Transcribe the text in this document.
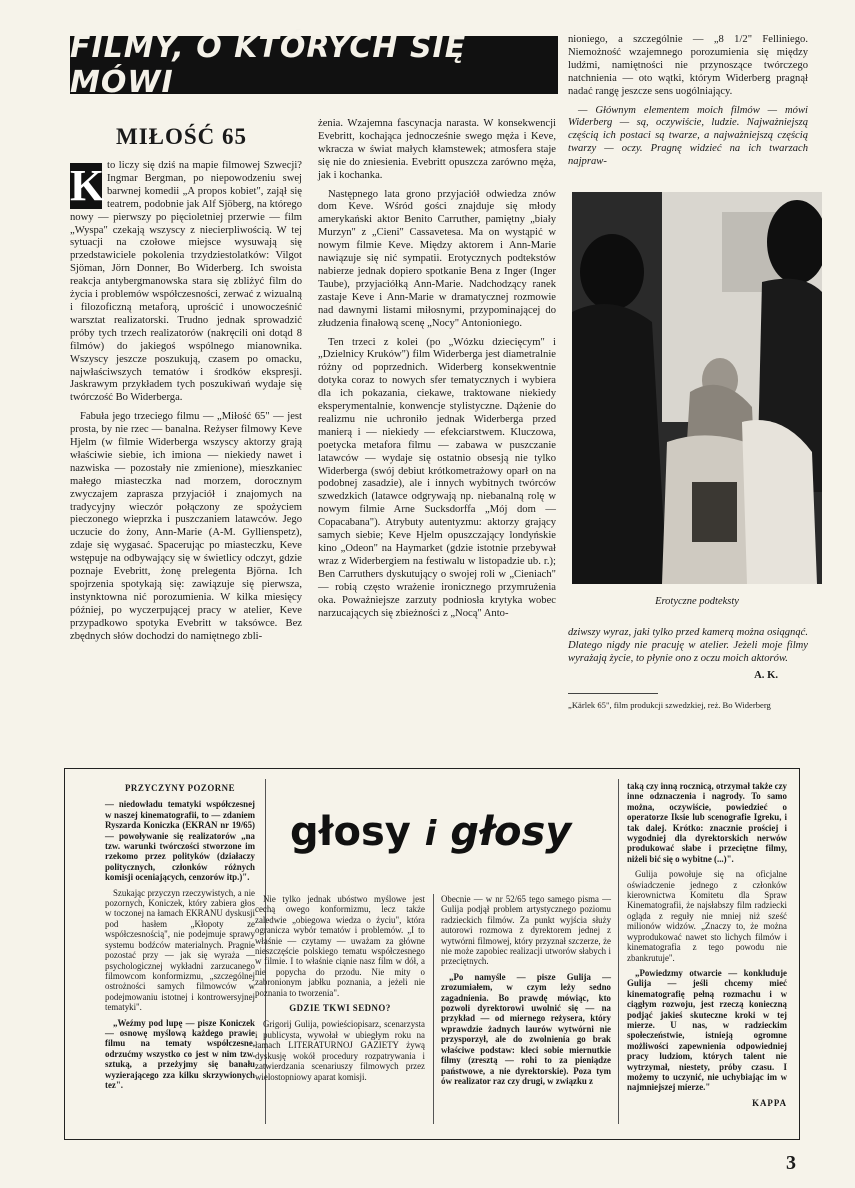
FILMY, O KTÓRYCH SIĘ MÓWI
MIŁOŚĆ 65

K to liczy się dziś na mapie filmowej Szwecji? Ingmar Bergman, po niepowodzeniu swej barwnej komedii „A propos kobiet", zajął się teatrem, podobnie jak Alf Sjöberg, na którego nowy — pierwszy po pięcioletniej przerwie — film „Wyspa" czekają wszyscy z niecierpliwością. W tej sytuacji na czołowe miejsce wysuwają się przedstawiciele pokolenia trzydziestolatków: Vilgot Sjöman, Jörn Donner, Bo Widerberg. Ich swoista reakcja antybergmanowska stara się zbliżyć film do życia i problemów współczesności, zerwać z wizualną i filozoficzną metaforą, uprościć i unowocześnić warsztat realizatorski. Trudno jednak sprowadzić próby tych trzech realizatorów (nakręcili oni dotąd 8 filmów) do jakiegoś wspólnego mianownika. Wszyscy jeszcze poszukują, czasem po omacku, najwłaściwszych tematów i środków ekspresji. Jaskrawym przykładem tych poszukiwań wydaje się twórczość Bo Widerberga.

Fabuła jego trzeciego filmu — „Miłość 65" — jest prosta, by nie rzec — banalna. Reżyser filmowy Keve Hjelm (w filmie Widerberga wszyscy aktorzy grają właściwie siebie, ich imiona — niekiedy nawet i nazwiska — pozostały nie zmienione), mieszkaniec małego miasteczka nad morzem, dorocznym zwyczajem zaprasza przyjaciół i znajomych na tradycyjny wieczór połączony ze spożyciem pieczonego wieprzka i puszczaniem latawców. Jego uczucie do żony, Ann-Marie (A-M. Gyllienspetz), zdaje się wygasać. Spacerując po miasteczku, Keve wstępuje na odbywający się w świetlicy odczyt, gdzie poznaje Evebritt, żonę prelegenta Björna. Ich spojrzenia spotykają się: zawiązuje się pierwsza, instynktowna nić porozumienia. W kilka miesięcy później, po wyczerpującej pracy w atelier, Keve przypadkowo spotyka Evebritt w taksówce. Bez zbędnych słów dochodzi do namiętnego zbli-

żenia. Wzajemna fascynacja narasta. W konsekwencji Evebritt, kochająca jednocześnie swego męża i Keve, wkracza w świat małych kłamstewek; atmosfera staje się nie do zniesienia. Evebritt opuszcza zarówno męża, jak i kochanka.

Następnego lata grono przyjaciół odwiedza znów dom Keve. Wśród gości znajduje się młody amerykański aktor Benito Carruther, pamiętny „biały Murzyn" z „Cieni" Cassavetesa. Ma on wystąpić w nowym filmie Keve. Między aktorem i Ann-Marie nawiązuje się nić sympatii. Erotycznych podtekstów nabierze jednak dopiero spotkanie Bena z Inger (Inger Taube), przyjaciółką Ann-Marie. Nadchodzący ranek zastaje Keve i Ann-Marie w dramatycznej rozmowie nad dawnymi listami miłosnymi, przypominającej do złudzenia finałową scenę „Nocy" Antonioniego.

Ten trzeci z kolei (po „Wózku dziecięcym" i „Dzielnicy Kruków") film Widerberga jest diametralnie różny od poprzednich. Widerberg konsekwentnie dotyka coraz to nowych sfer tematycznych i wybiera dla ich pokazania, ciekawe, traktowane niekiedy eksperymentalnie, konwencje stylistyczne. Dążenie do realizmu nie uchroniło jednak Widerberga przed manierą i — niekiedy — efekciarstwem. Kluczowa, poetycka metafora filmu — zabawa w puszczanie latawców — wydaje się ostatnio obsesją nie tylko Widerberga (swój debiut krótkometrażowy oparł on na podobnej zasadzie), ale i innych wybitnych twórców szwedzkich (latawce odgrywają np. niebanalną rolę w nowym filmie Arne Sucksdorffa „Mój dom — Copacabana"). Atrybuty autentyzmu: aktorzy grający samych siebie; Keve Hjelm opuszczający londyńskie kino „Odeon" na Haymarket (gdzie istotnie przebywał wraz z Widerbergiem na festiwalu w listopadzie ub. r.); Ben Carruthers dyskutujący o swojej roli w „Cieniach" — robią często wrażenie ironicznego przymrużenia oka. Poważniejsze zarzuty podniosła krytyka wobec narzucających się zbieżności z „Nocą" Anto-

nioniego, a szczególnie — „8 1/2" Felliniego. Niemożność wzajemnego porozumienia się między ludźmi, namiętności nie przynoszące twórczego natchnienia — oto wątki, którym Widerberg pragnął nadać rangę jeszcze sens uogólniający.

— Głównym elementem moich filmów — mówi Widerberg — są, oczywiście, ludzie. Najważniejszą częścią ich postaci są twarze, a najważniejszą częścią twarzy — oczy. Pragnę widzieć na ich twarzach najpraw-

Erotyczne podteksty

dziwszy wyraz, jaki tylko przed kamerą można osiągnąć. Dlatego nigdy nie pracuję w atelier. Jeżeli moje filmy wyrażają życie, to płynie ono z oczu moich aktorów.

A. K.
„Kärlek 65", film produkcji szwedzkiej, reż. Bo Widerberg
PRZYCZYNY POZORNE

— niedowładu tematyki współczesnej w naszej kinematografii, to — zdaniem Ryszarda Koniczka (EKRAN nr 19/65) — powoływanie się realizatorów „na tzw. warunki twórczości stworzone im rzekomo przez polityków (działaczy politycznych, członków różnych komisji oceniających, cenzorów itp.)".

Szukając przyczyn rzeczywistych, a nie pozornych, Koniczek, który zabiera głos w toczonej na łamach EKRANU dyskusji pod hasłem „Kłopoty ze współczesnością", nie podejmuje sprawy systemu bodźców materialnych. Pragnie pozostać przy — jak się wyraża — psychologicznej wykładni zarzucanego filmowcom konformizmu, „szczególnej ostrożności samych filmowców w podejmowaniu istotnej i kontrowersyjnej tematyki".

„Weźmy pod lupę — pisze Koniczek — osnowę myślową każdego prawie filmu na tematy współczesne, odrzućmy wszystko co jest w nim tzw. sztuką, a przeżyjmy się banału wyzierającego zza kilku skrzywionych tez".

głosy i głosy

Nie tylko jednak ubóstwo myślowe jest cechą owego konformizmu, lecz także zaledwie „obiegowa wiedza o życiu", która ogranicza wybór tematów i problemów. „I to właśnie — czytamy — uważam za główne nieszczęście polskiego tematu współczesnego w filmie. I to właśnie ciąnie nasz film w dół, a nie popycha do przodu. Nie mity o zabronionym jabłku poznania, a jeżeli nie poznania to tworzenia".

GDZIE TKWI SEDNO?

Grigorij Gulija, powieściopisarz, scenarzysta i publicysta, wywołał w ubiegłym roku na łamach LITERATURNOJ GAZIETY żywą dyskusję wokół procedury rozpatrywania i zatwierdzania scenariuszy filmowych przez wielostopniowy aparat komisji.

Obecnie — w nr 52/65 tego samego pisma — Gulija podjął problem artystycznego poziomu radzieckich filmów. Za punkt wyjścia służy autorowi rozmowa z dyrektorem jednej z wytwórni filmowej, który przyznał szczerze, że nie może zapobiec realizacji utworów słabych i przeciętnych.

„Po namyśle — pisze Gulija — zrozumiałem, w czym leży sedno zagadnienia. Bo prawdę mówiąc, kto pozwoli dyrektorowi uwolnić się — na przykład — od miernego reżysera, który wprawdzie żadnych laurów wytwórni nie przysporzył, ale do zwolnienia go brak właściwe podstaw: kleci sobie miernutkie filmy (zresztą — rohi to za pieniądze państwowe, a nie dyrektorskie). Poza tym ów realizator raz czy drugi, w związku z

taką czy inną rocznicą, otrzymał także czy inne odznaczenia i nagrody. To samo można, oczywiście, powiedzieć o operatorze Iksie lub scenografie Igreku, i tak dalej. Krótko: znacznie prościej i wygodniej dla dyrektorskich nerwów produkować słabe i przeciętne filmy, niżeli bić się o wybitne (...)".

Gulija powołuje się na oficjalne oświadczenie jednego z członków kierownictwa Komitetu dla Spraw Kinematografii, że najsłabszy film radziecki ogląda z reguły nie mniej niż sześć milionów widzów. „Znaczy to, że można wyprodukować nawet sto lichych filmów i kinematografia z tego powodu nie zbankrutuje".

„Powiedzmy otwarcie — konkluduje Gulija — jeśli chcemy mieć kinematografię pełną rozmachu i w ciągłym rozwoju, jest rzeczą konieczną podjąć jakieś skuteczne kroki w tej mierze. U nas, w radzieckim społeczeństwie, istnieją ogromne możliwości zapewnienia odpowiedniej pracy ludziom, których talent nie wytrzymał, niestety, próby czasu. I możemy to uczynić, nie uchybiając im w najmniejszej mierze."

KAPPA
3
